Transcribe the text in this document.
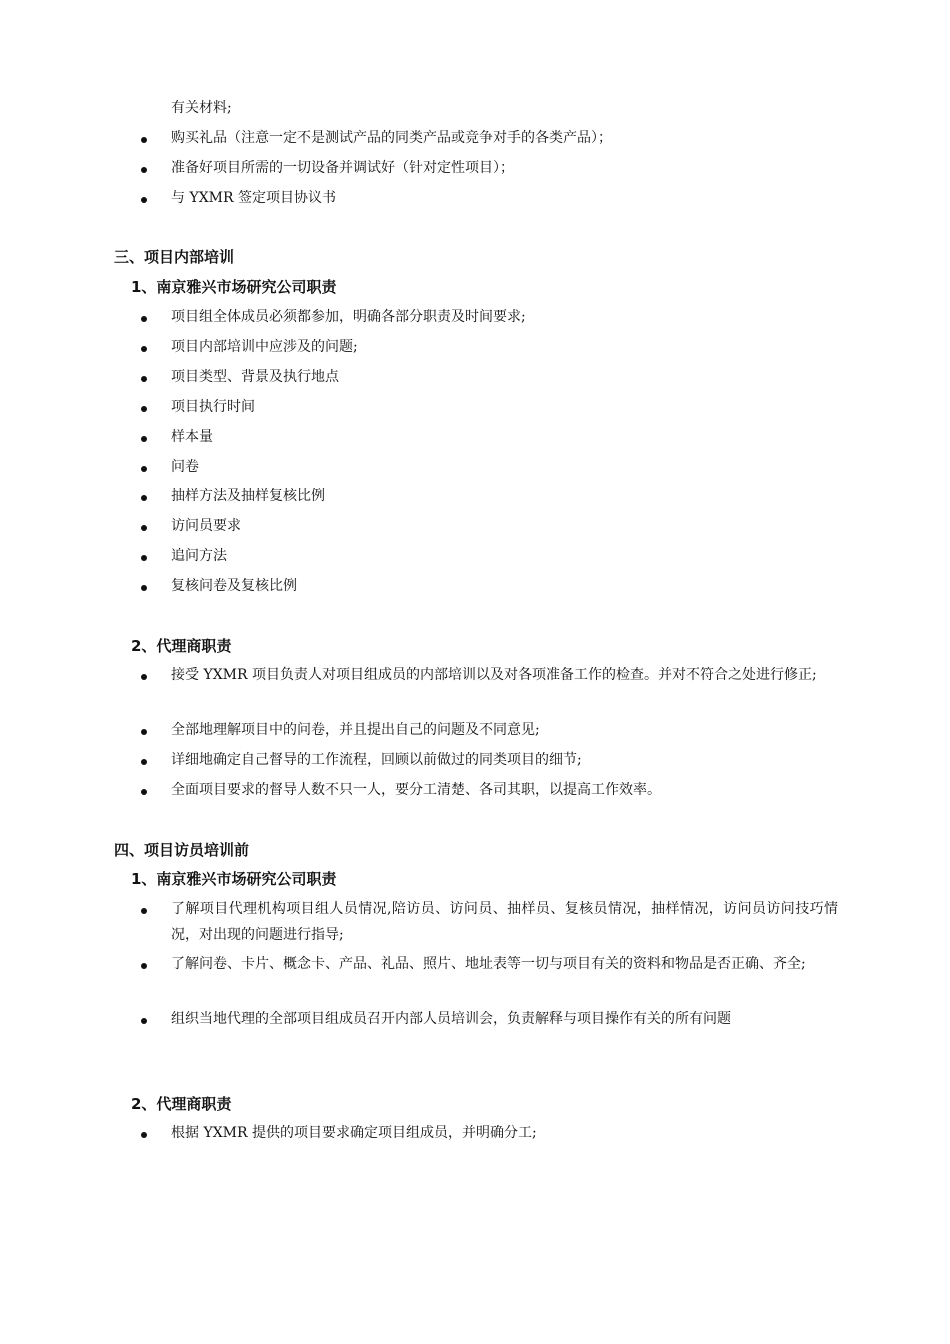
有关材料;
购买礼品（注意一定不是测试产品的同类产品或竞争对手的各类产品）；
准备好项目所需的一切设备并调试好（针对定性项目）；
与 YXMR 签定项目协议书
三、项目内部培训
1、南京雅兴市场研究公司职责
项目组全体成员必须都参加，明确各部分职责及时间要求;
项目内部培训中应涉及的问题;
项目类型、背景及执行地点
项目执行时间
样本量
问卷
抽样方法及抽样复核比例
访问员要求
追问方法
复核问卷及复核比例
2、代理商职责
接受 YXMR 项目负责人对项目组成员的内部培训以及对各项准备工作的检查。并对不符合之处进行修正;
全部地理解项目中的问卷，并且提出自己的问题及不同意见;
详细地确定自己督导的工作流程，回顾以前做过的同类项目的细节;
全面项目要求的督导人数不只一人，要分工清楚、各司其职，以提高工作效率。
四、项目访员培训前
1、南京雅兴市场研究公司职责
了解项目代理机构项目组人员情况,陪访员、访问员、抽样员、复核员情况，抽样情况，访问员访问技巧情况，对出现的问题进行指导;
了解问卷、卡片、概念卡、产品、礼品、照片、地址表等一切与项目有关的资料和物品是否正确、齐全;
组织当地代理的全部项目组成员召开内部人员培训会，负责解释与项目操作有关的所有问题
2、代理商职责
根据 YXMR 提供的项目要求确定项目组成员，并明确分工;
